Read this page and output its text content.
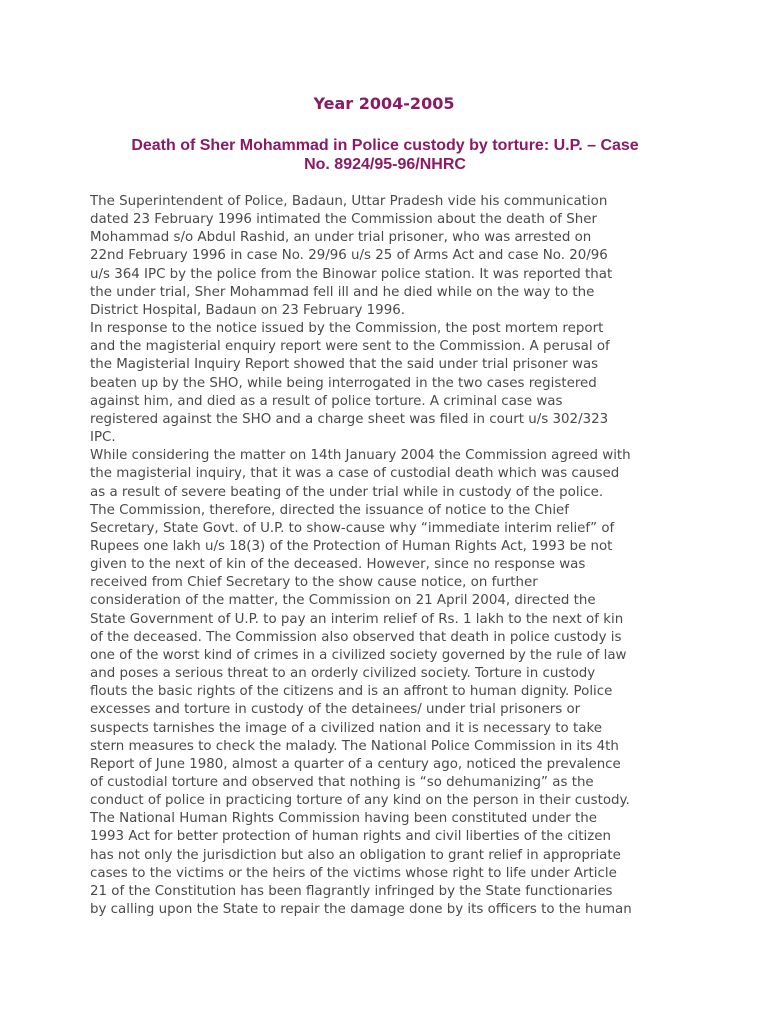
Year 2004-2005
Death of Sher Mohammad in Police custody by torture: U.P. – Case
No. 8924/95-96/NHRC
The Superintendent of Police, Badaun, Uttar Pradesh vide his communication
dated 23 February 1996 intimated the Commission about the death of Sher
Mohammad s/o Abdul Rashid, an under trial prisoner, who was arrested on
22nd February 1996 in case No. 29/96 u/s 25 of Arms Act and case No. 20/96
u/s 364 IPC by the police from the Binowar police station. It was reported that
the under trial, Sher Mohammad fell ill and he died while on the way to the
District Hospital, Badaun on 23 February 1996.
In response to the notice issued by the Commission, the post mortem report
and the magisterial enquiry report were sent to the Commission. A perusal of
the Magisterial Inquiry Report showed that the said under trial prisoner was
beaten up by the SHO, while being interrogated in the two cases registered
against him, and died as a result of police torture. A criminal case was
registered against the SHO and a charge sheet was filed in court u/s 302/323
IPC.
While considering the matter on 14th January 2004 the Commission agreed with
the magisterial inquiry, that it was a case of custodial death which was caused
as a result of severe beating of the under trial while in custody of the police.
The Commission, therefore, directed the issuance of notice to the Chief
Secretary, State Govt. of U.P. to show-cause why “immediate interim relief” of
Rupees one lakh u/s 18(3) of the Protection of Human Rights Act, 1993 be not
given to the next of kin of the deceased. However, since no response was
received from Chief Secretary to the show cause notice, on further
consideration of the matter, the Commission on 21 April 2004, directed the
State Government of U.P. to pay an interim relief of Rs. 1 lakh to the next of kin
of the deceased. The Commission also observed that death in police custody is
one of the worst kind of crimes in a civilized society governed by the rule of law
and poses a serious threat to an orderly civilized society. Torture in custody
flouts the basic rights of the citizens and is an affront to human dignity. Police
excesses and torture in custody of the detainees/ under trial prisoners or
suspects tarnishes the image of a civilized nation and it is necessary to take
stern measures to check the malady. The National Police Commission in its 4th
Report of June 1980, almost a quarter of a century ago, noticed the prevalence
of custodial torture and observed that nothing is “so dehumanizing” as the
conduct of police in practicing torture of any kind on the person in their custody.
The National Human Rights Commission having been constituted under the
1993 Act for better protection of human rights and civil liberties of the citizen
has not only the jurisdiction but also an obligation to grant relief in appropriate
cases to the victims or the heirs of the victims whose right to life under Article
21 of the Constitution has been flagrantly infringed by the State functionaries
by calling upon the State to repair the damage done by its officers to the human
